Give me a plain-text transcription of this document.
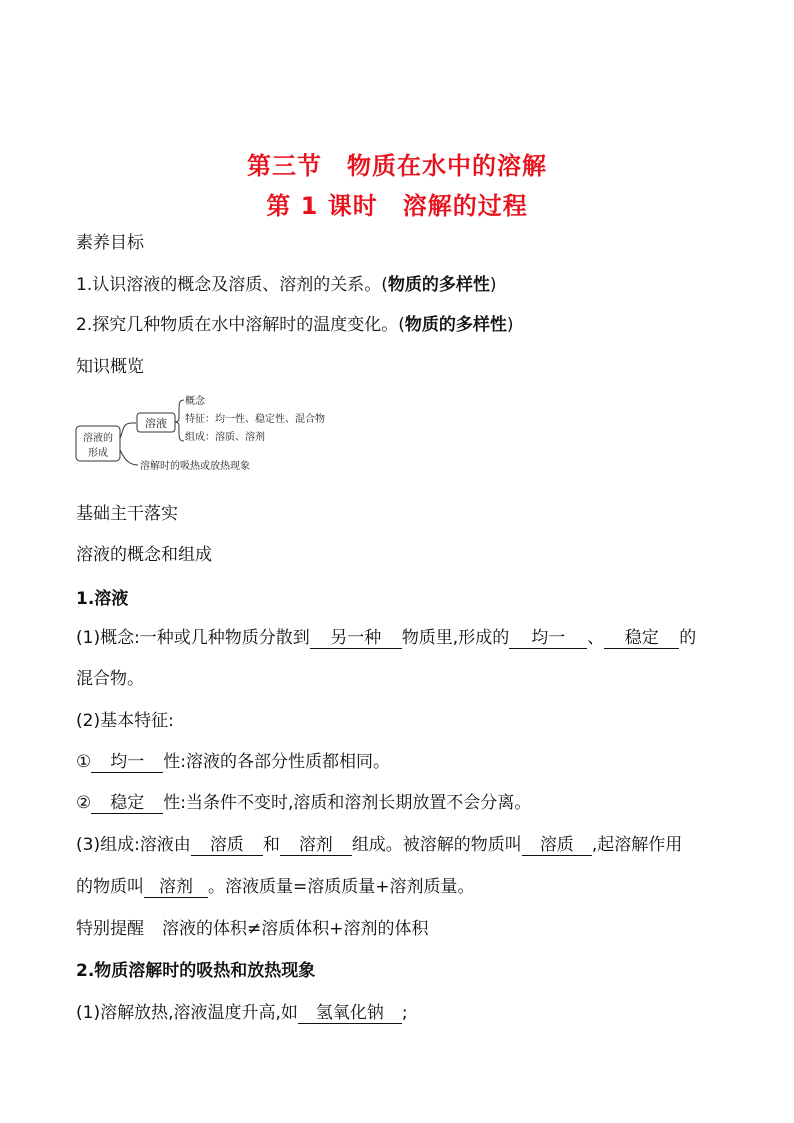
第三节　物质在水中的溶解
第 1 课时　溶解的过程
素养目标
1.认识溶液的概念及溶质、溶剂的关系。(物质的多样性)
2.探究几种物质在水中溶解时的温度变化。(物质的多样性)
知识概览
溶液的
形成
溶液
概念
特征：均一性、稳定性、混合物
组成：溶质、溶剂
溶解时的吸热或放热现象
基础主干落实
溶液的概念和组成
1.溶液
(1)概念:一种或几种物质分散到 另一种 物质里,形成的 均一 、 稳定 的
混合物。
(2)基本特征:
① 均一 性:溶液的各部分性质都相同。
② 稳定 性:当条件不变时,溶质和溶剂长期放置不会分离。
(3)组成:溶液由 溶质 和 溶剂 组成。被溶解的物质叫 溶质 ,起溶解作用
的物质叫 溶剂 。溶液质量=溶质质量+溶剂质量。
特别提醒 溶液的体积≠溶质体积+溶剂的体积
2.物质溶解时的吸热和放热现象
(1)溶解放热,溶液温度升高,如 氢氧化钠 ;
